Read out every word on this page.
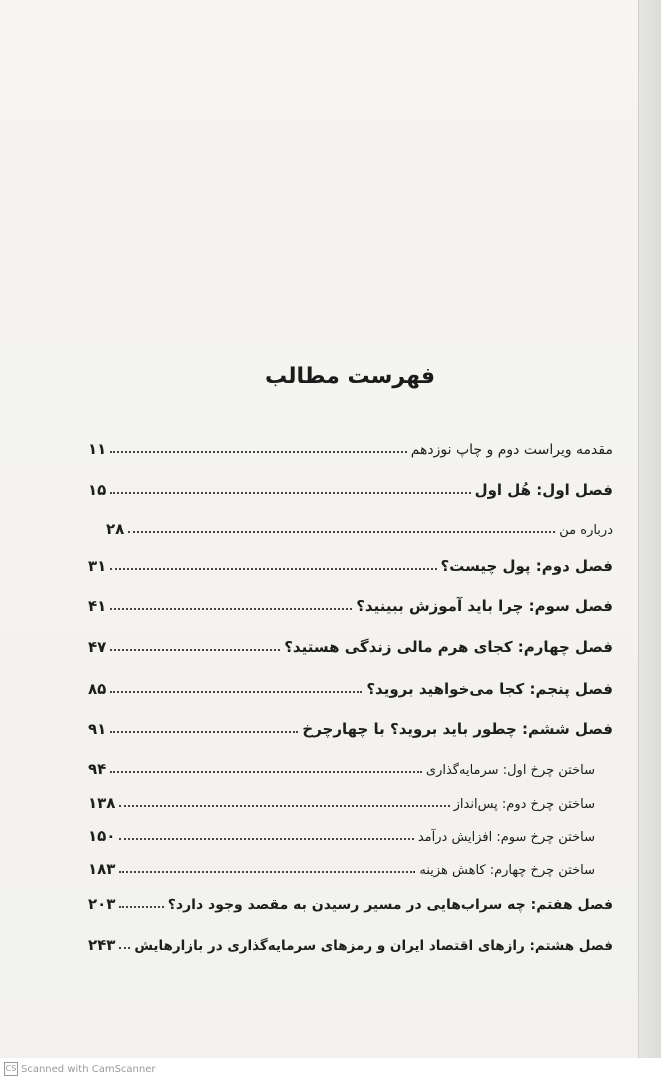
فهرست مطالب
مقدمه ویراست دوم و چاپ نوزدهم
۱۱
فصل اول: هُل اول
۱۵
درباره من
۲۸
فصل دوم: پول چیست؟
۳۱
فصل سوم: چرا باید آموزش ببینید؟
۴۱
فصل چهارم: کجای هرم مالی زندگی هستید؟
۴۷
فصل پنجم: کجا می‌خواهید بروید؟
۸۵
فصل ششم: چطور باید بروید؟ با چهارچرخ
۹۱
ساختن چرخ اول: سرمایه‌گذاری
۹۴
ساختن چرخ دوم: پس‌انداز
۱۳۸
ساختن چرخ سوم: افزایش درآمد
۱۵۰
ساختن چرخ چهارم: کاهش هزینه
۱۸۳
فصل هفتم: چه سراب‌هایی در مسیر رسیدن به مقصد وجود دارد؟
۲۰۳
فصل هشتم: رازهای اقتصاد ایران و رمزهای سرمایه‌گذاری در بازارهایش
۲۴۳
CS Scanned with CamScanner
